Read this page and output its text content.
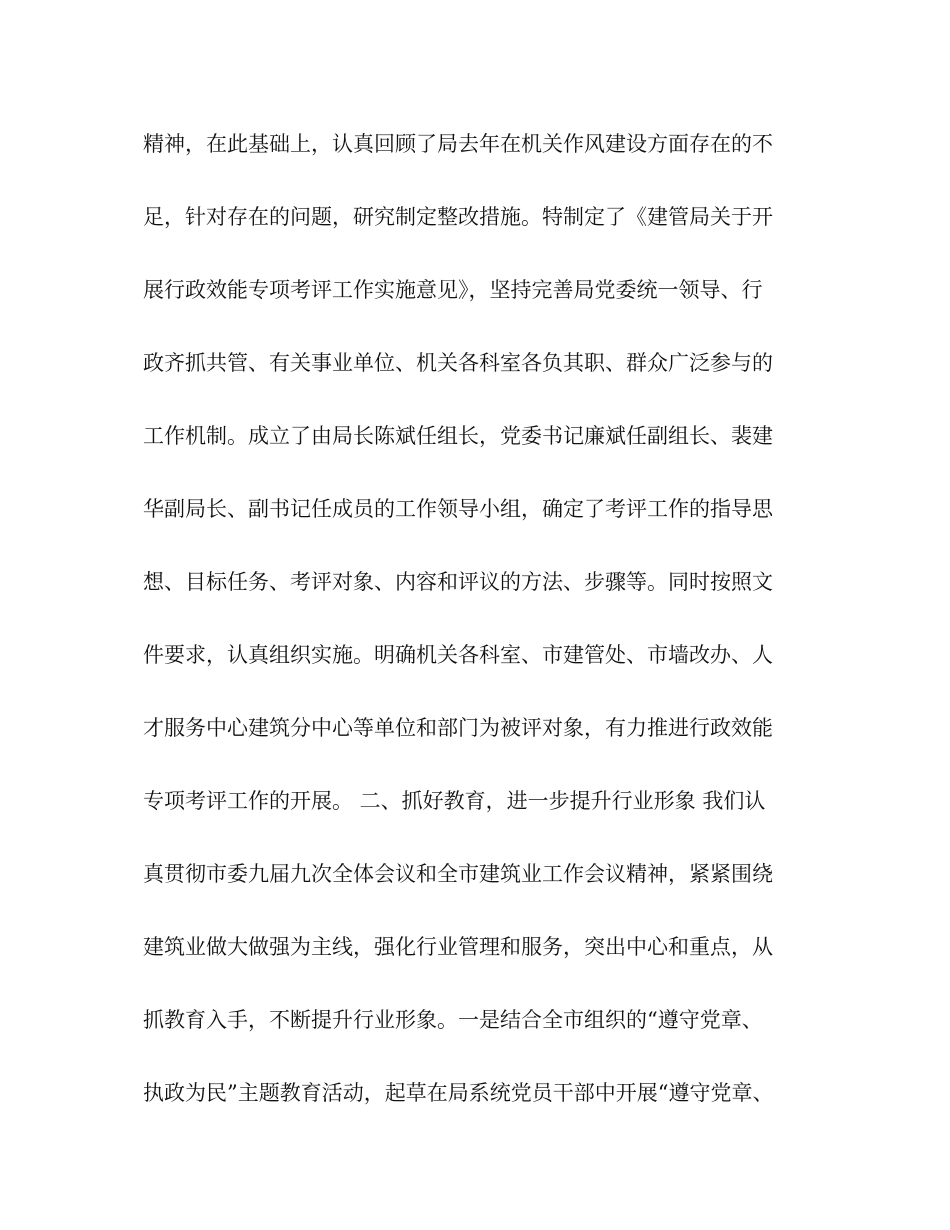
精神，在此基础上，认真回顾了局去年在机关作风建设方面存在的不
足，针对存在的问题，研究制定整改措施。特制定了《建管局关于开
展行政效能专项考评工作实施意见》，坚持完善局党委统一领导、行
政齐抓共管、有关事业单位、机关各科室各负其职、群众广泛参与的
工作机制。成立了由局长陈斌任组长，党委书记廉斌任副组长、裴建
华副局长、副书记任成员的工作领导小组，确定了考评工作的指导思
想、目标任务、考评对象、内容和评议的方法、步骤等。同时按照文
件要求，认真组织实施。明确机关各科室、市建管处、市墙改办、人
才服务中心建筑分中心等单位和部门为被评对象，有力推进行政效能
专项考评工作的开展。 二、抓好教育，进一步提升行业形象 我们认
真贯彻市委九届九次全体会议和全市建筑业工作会议精神，紧紧围绕
建筑业做大做强为主线，强化行业管理和服务，突出中心和重点，从
抓教育入手，不断提升行业形象。一是结合全市组织的“遵守党章、
执政为民”主题教育活动，起草在局系统党员干部中开展“遵守党章、
